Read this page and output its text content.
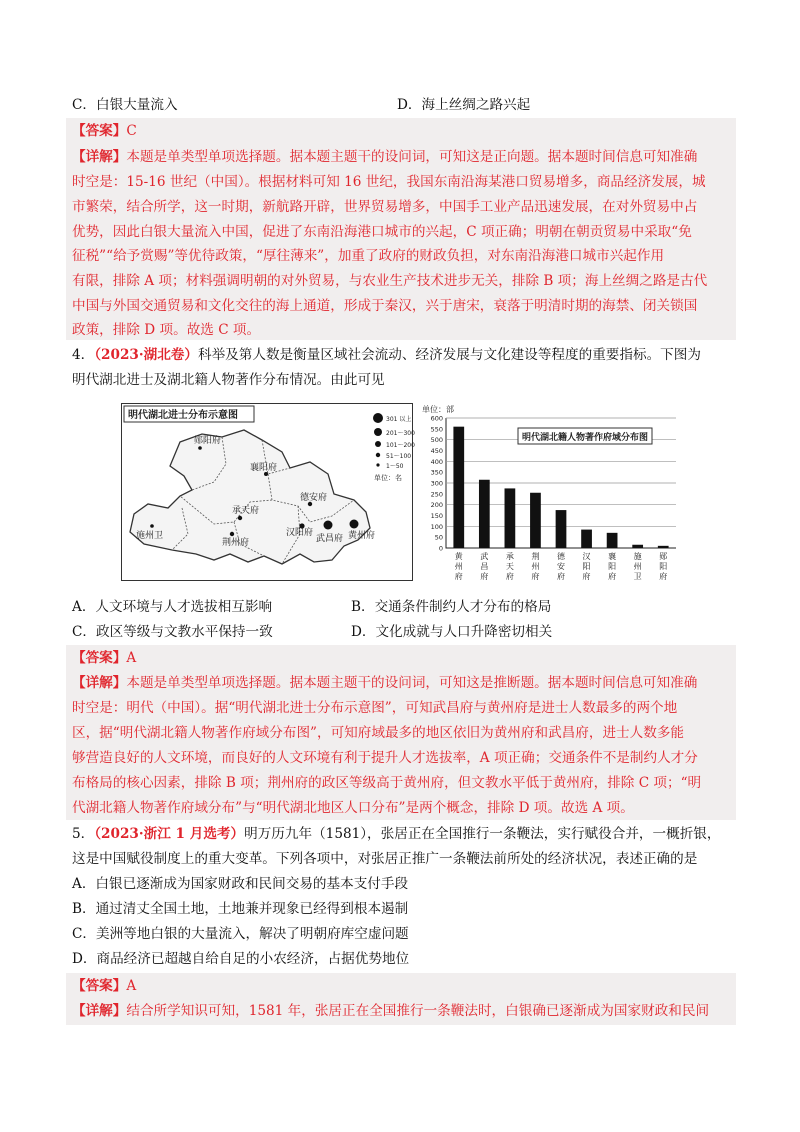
C．白银大量流入	D．海上丝绸之路兴起
【答案】C
【详解】本题是单类型单项选择题。据本题主题干的设问词，可知这是正向题。据本题时间信息可知准确
时空是：15-16 世纪（中国）。根据材料可知 16 世纪，我国东南沿海某港口贸易增多，商品经济发展，城
市繁荣，结合所学，这一时期，新航路开辟，世界贸易增多，中国手工业产品迅速发展，在对外贸易中占
优势，因此白银大量流入中国，促进了东南沿海港口城市的兴起，C 项正确；明朝在朝贡贸易中采取“免
征税”“给予赏赐”等优待政策，“厚往薄来”，加重了政府的财政负担，对东南沿海港口城市兴起作用
有限，排除 A 项；材料强调明朝的对外贸易，与农业生产技术进步无关，排除 B 项；海上丝绸之路是古代
中国与外国交通贸易和文化交往的海上通道，形成于秦汉，兴于唐宋，衰落于明清时期的海禁、闭关锁国
政策，排除 D 项。故选 C 项。
4．（2023·湖北卷）科举及第人数是衡量区域社会流动、经济发展与文化建设等程度的重要指标。下图为
明代湖北进士及湖北籍人物著作分布情况。由此可见
明代湖北进士分布示意图
郧阳府
襄阳府
德安府
承天府
汉阳府
武昌府 黄州府
施州卫
荆州府
301 以上
201～300
101～200
51～100
1～50
单位：名
单位：部
0
50
100
150
200
250
300
350
400
450
500
550
600
黄州府
武昌府
承天府
荆州府
德安府
汉阳府
襄阳府
施州卫
郧阳府
明代湖北籍人物著作府域分布图
A．人文环境与人才选拔相互影响	B．交通条件制约人才分布的格局
C．政区等级与文教水平保持一致	D．文化成就与人口升降密切相关
【答案】A
【详解】本题是单类型单项选择题。据本题主题干的设问词，可知这是推断题。据本题时间信息可知准确
时空是：明代（中国）。据“明代湖北进士分布示意图”，可知武昌府与黄州府是进士人数最多的两个地
区，据“明代湖北籍人物著作府域分布图”，可知府域最多的地区依旧为黄州府和武昌府，进士人数多能
够营造良好的人文环境，而良好的人文环境有利于提升人才选拔率，A 项正确；交通条件不是制约人才分
布格局的核心因素，排除 B 项；荆州府的政区等级高于黄州府，但文教水平低于黄州府，排除 C 项；“明
代湖北籍人物著作府域分布”与“明代湖北地区人口分布”是两个概念，排除 D 项。故选 A 项。
5．（2023·浙江 1 月选考）明万历九年（1581），张居正在全国推行一条鞭法，实行赋役合并，一概折银，
这是中国赋役制度上的重大变革。下列各项中，对张居正推广一条鞭法前所处的经济状况，表述正确的是
A．白银已逐渐成为国家财政和民间交易的基本支付手段
B．通过清丈全国土地，土地兼并现象已经得到根本遏制
C．美洲等地白银的大量流入，解决了明朝府库空虚问题
D．商品经济已超越自给自足的小农经济，占据优势地位
【答案】A
【详解】结合所学知识可知，1581 年，张居正在全国推行一条鞭法时，白银确已逐渐成为国家财政和民间
